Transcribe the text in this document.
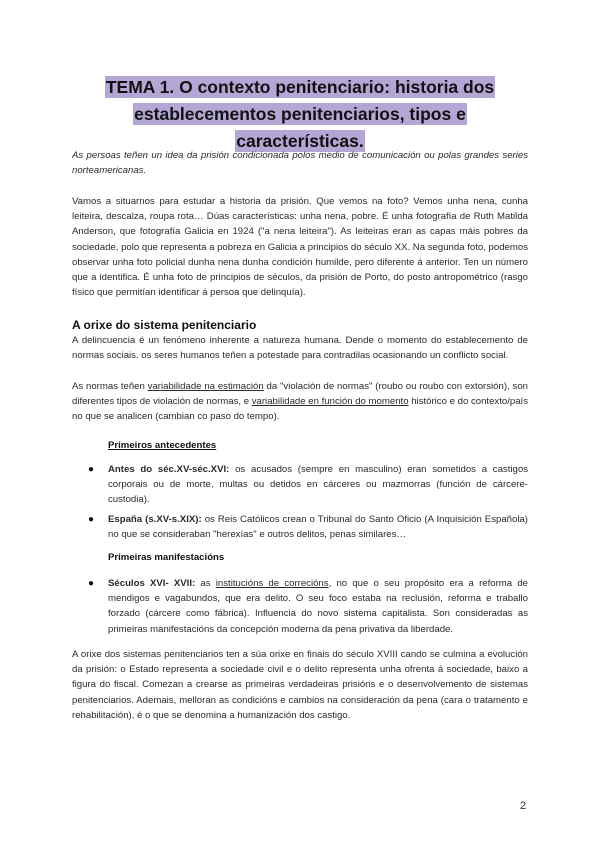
TEMA 1. O contexto penitenciario: historia dos establecementos penitenciarios, tipos e características.
As persoas teñen un idea da prisión condicionada polos medio de comunicación ou polas grandes series norteamericanas.
Vamos a situarnos para estudar a historia da prisión. Que vemos na foto? Vemos unha nena, cunha leiteira, descalza, roupa rota… Dúas características: unha nena, pobre. É unha fotografía de Ruth Matilda Anderson, que fotografía Galicia en 1924 ("a nena leiteira"). As leiteiras eran as capas máis pobres da sociedade, polo que representa a pobreza en Galicia a principios do século XX. Na segunda foto, podemos observar unha foto policial dunha nena dunha condición humilde, pero diferente á anterior. Ten un número que a identifica. É unha foto de principios de séculos, da prisión de Porto, do posto antropométrico (rasgo físico que permitían identificar á persoa que delinquía).
A orixe do sistema penitenciario
A delincuencia é un fenómeno inherente a natureza humana. Dende o momento do establecemento de normas sociais. os seres humanos teñen a potestade para contradilas ocasionando un conflicto social.
As normas teñen variabilidade na estimación da "violación de normas" (roubo ou roubo con extorsión), son diferentes tipos de violación de normas, e variabilidade en función do momento histórico e do contexto/país no que se analicen (cambian co paso do tempo).
Primeiros antecedentes
● Antes do séc.XV-séc.XVI: os acusados (sempre en masculino) eran sometidos a castigos corporais ou de morte, multas ou detidos en cárceres ou mazmorras (función de cárcere-custodia).
● España (s.XV-s.XIX): os Reis Católicos crean o Tribunal do Santo Oficio (A Inquisición Española) no que se consideraban "herexías" e outros delitos, penas similares…
Primeiras manifestacións
● Séculos XVI- XVII: as institucións de correcións, no que o seu propósito era a reforma de mendigos e vagabundos, que era delito. O seu foco estaba na reclusión, reforma e traballo forzado (cárcere como fábrica). Influencia do novo sistema capitalista. Son consideradas as primeiras manifestacións da concepción moderna da pena privativa da liberdade.
A orixe dos sistemas penitenciarios ten a súa orixe en finais do século XVIII cando se culmina a evolución da prisión: o Estado representa a sociedade civil e o delito representa unha ofrenta á sociedade, baixo a figura do fiscal. Comezan a crearse as primeiras verdadeiras prisións e o desenvolvemento de sistemas penitenciarios. Ademais, melloran as condicións e cambios na consideración da pena (cara o tratamento e rehabilitación), é o que se denomina a humanización dos castigo.
2
